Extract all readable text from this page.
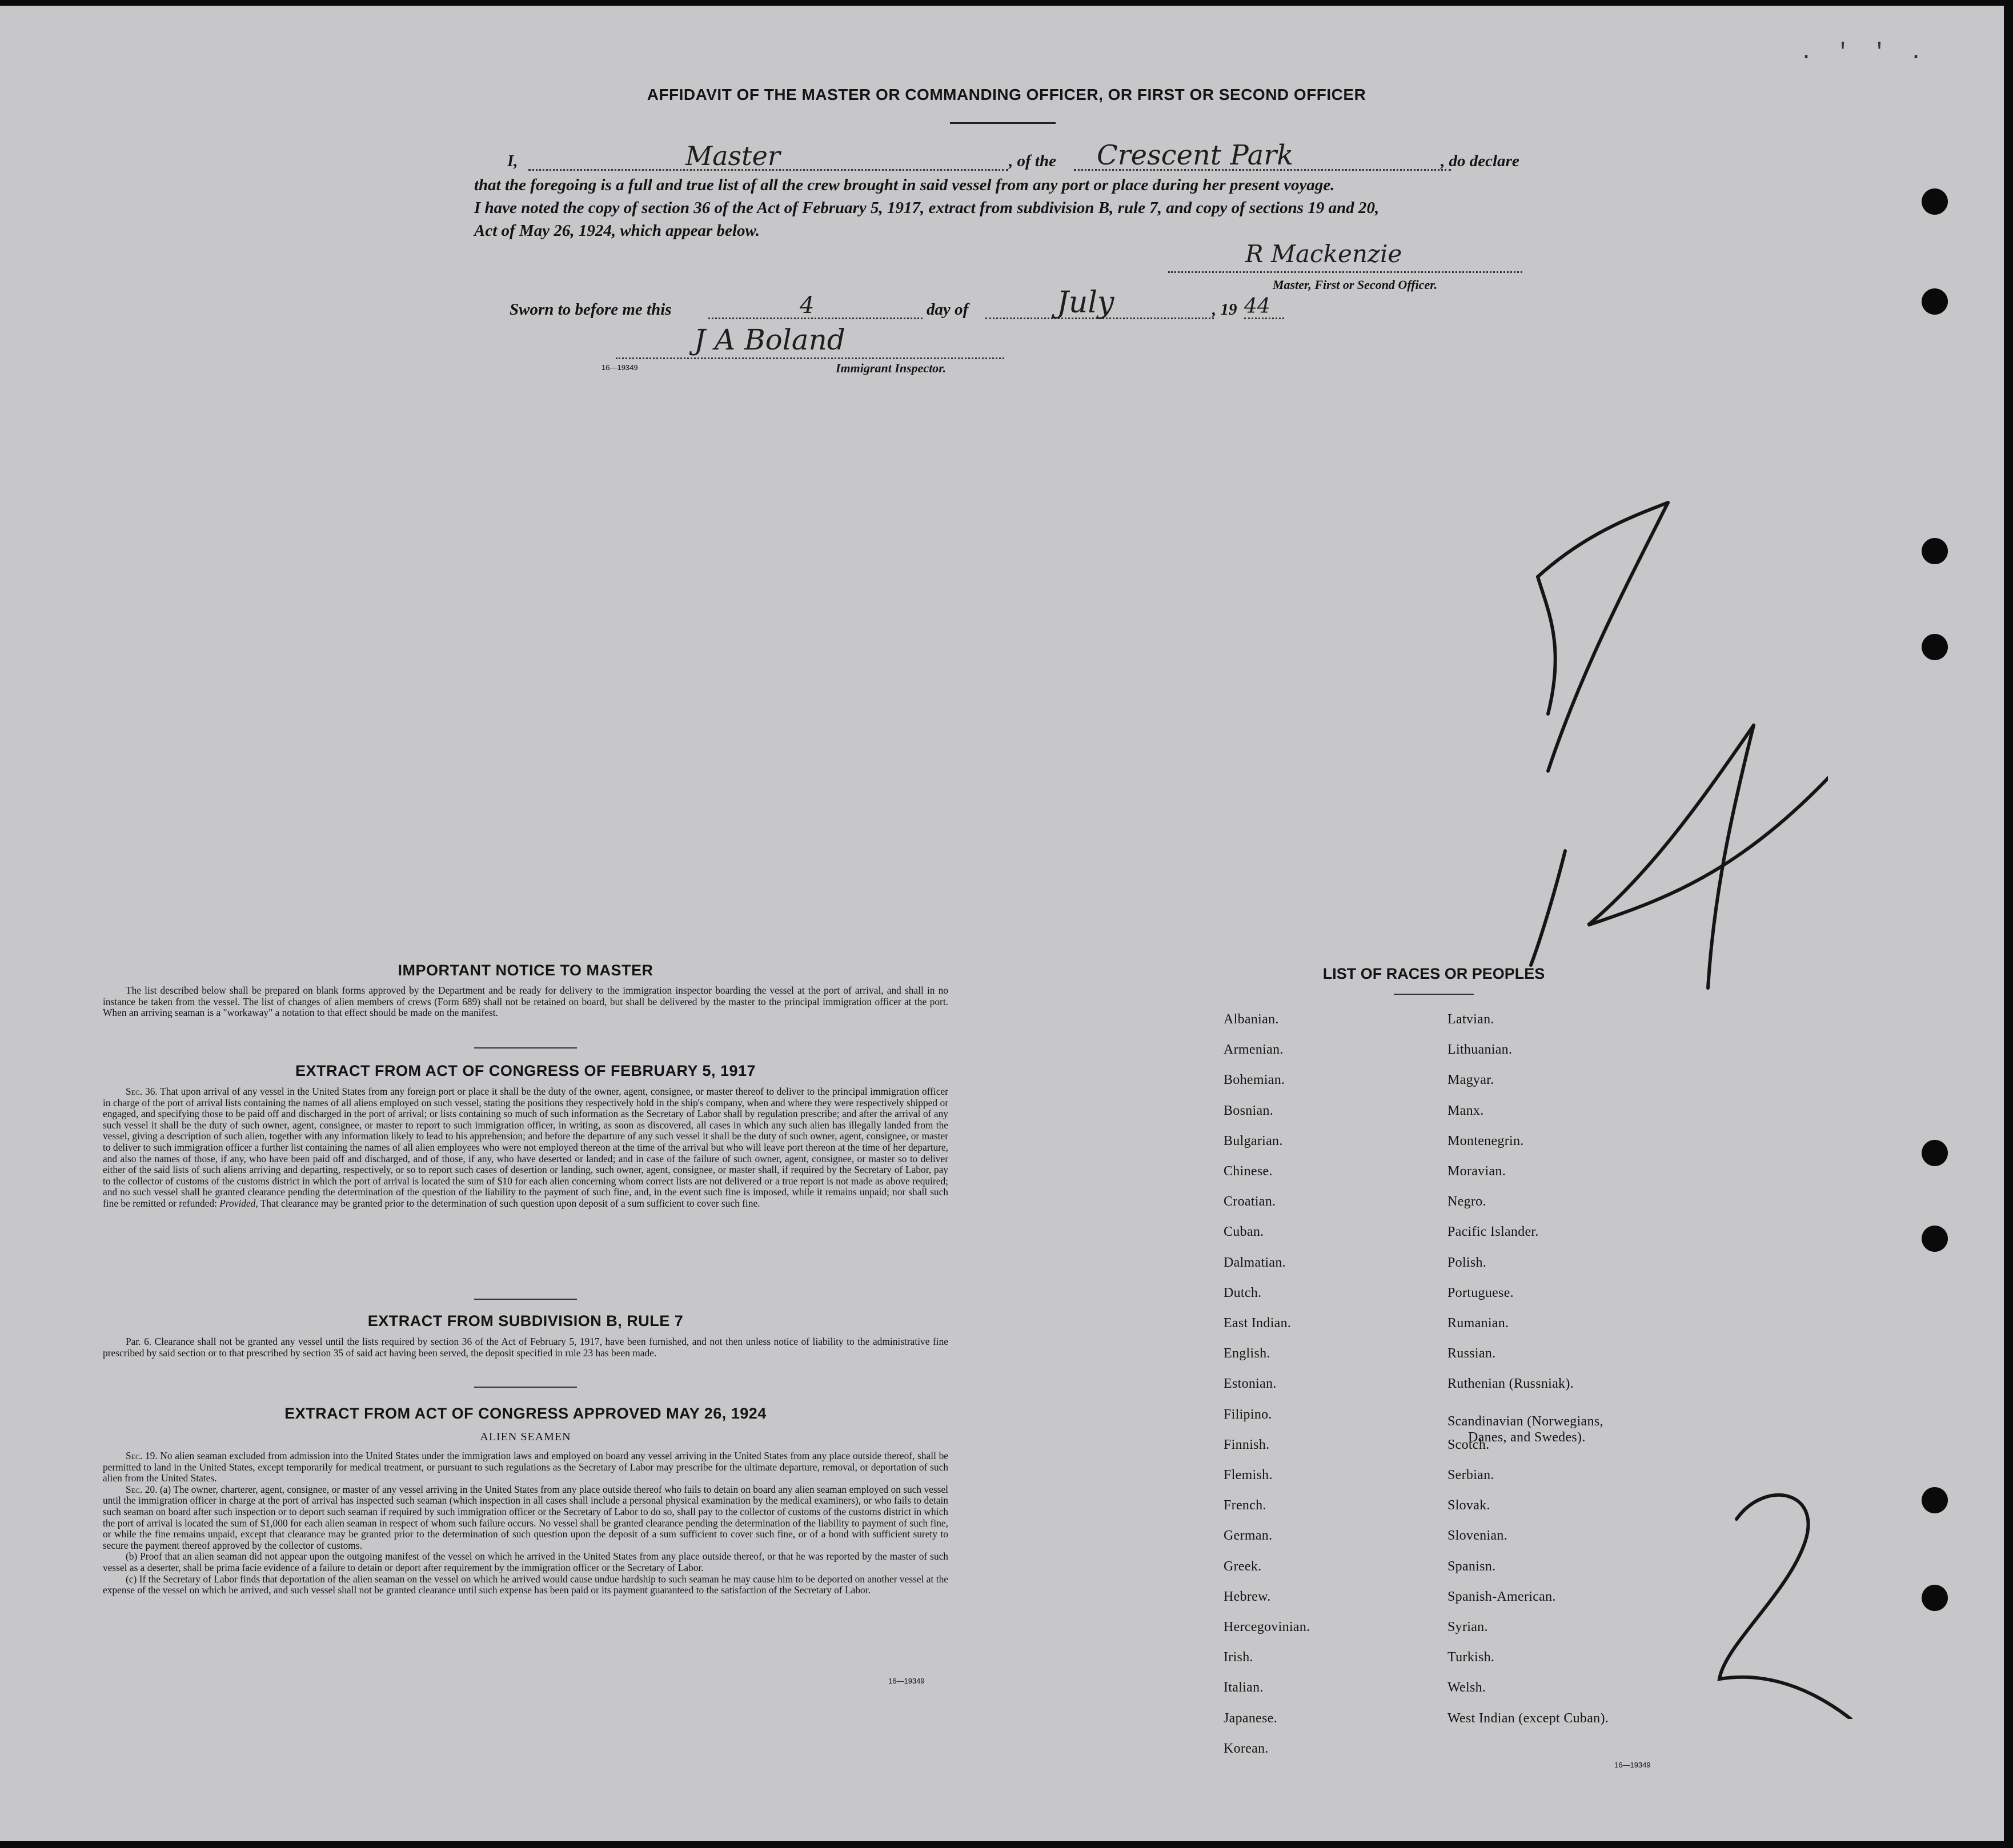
. ' ' .
AFFIDAVIT OF THE MASTER OR COMMANDING OFFICER, OR FIRST OR SECOND OFFICER
I,	Master	, of the Crescent Park	, do declare
that the foregoing is a full and true list of all the crew brought in said vessel from any port or place during her present voyage.
I have noted the copy of section 36 of the Act of February 5, 1917, extract from subdivision B, rule 7, and copy of sections 19 and 20,
Act of May 26, 1924, which appear below.
R Mackenzie
Master, First or Second Officer.
Sworn to before me this	4	day of	July	, 19 44
J A Boland
16—19349	Immigrant Inspector.
IMPORTANT NOTICE TO MASTER
The list described below shall be prepared on blank forms approved by the Department and be ready for delivery to the immigration inspector boarding the vessel at the port of arrival, and shall in no instance be taken from the vessel. The list of changes of alien members of crews (Form 689) shall not be retained on board, but shall be delivered by the master to the principal immigration officer at the port. When an arriving seaman is a "workaway" a notation to that effect should be made on the manifest.
EXTRACT FROM ACT OF CONGRESS OF FEBRUARY 5, 1917
Sec. 36. That upon arrival of any vessel in the United States from any foreign port or place it shall be the duty of the owner, agent, consignee, or master thereof to deliver to the principal immigration officer in charge of the port of arrival lists containing the names of all aliens employed on such vessel, stating the positions they respectively hold in the ship's company, when and where they were respectively shipped or engaged, and specifying those to be paid off and discharged in the port of arrival; or lists containing so much of such information as the Secretary of Labor shall by regulation prescribe; and after the arrival of any such vessel it shall be the duty of such owner, agent, consignee, or master to report to such immigration officer, in writing, as soon as discovered, all cases in which any such alien has illegally landed from the vessel, giving a description of such alien, together with any information likely to lead to his apprehension; and before the departure of any such vessel it shall be the duty of such owner, agent, consignee, or master to deliver to such immigration officer a further list containing the names of all alien employees who were not employed thereon at the time of the arrival but who will leave port thereon at the time of her departure, and also the names of those, if any, who have been paid off and discharged, and of those, if any, who have deserted or landed; and in case of the failure of such owner, agent, consignee, or master so to deliver either of the said lists of such aliens arriving and departing, respectively, or so to report such cases of desertion or landing, such owner, agent, consignee, or master shall, if required by the Secretary of Labor, pay to the collector of customs of the customs district in which the port of arrival is located the sum of $10 for each alien concerning whom correct lists are not delivered or a true report is not made as above required; and no such vessel shall be granted clearance pending the determination of the question of the liability to the payment of such fine, and, in the event such fine is imposed, while it remains unpaid; nor shall such fine be remitted or refunded: Provided, That clearance may be granted prior to the determination of such question upon deposit of a sum sufficient to cover such fine.
EXTRACT FROM SUBDIVISION B, RULE 7
Par. 6. Clearance shall not be granted any vessel until the lists required by section 36 of the Act of February 5, 1917, have been furnished, and not then unless notice of liability to the administrative fine prescribed by said section or to that prescribed by section 35 of said act having been served, the deposit specified in rule 23 has been made.
EXTRACT FROM ACT OF CONGRESS APPROVED MAY 26, 1924
ALIEN SEAMEN
Sec. 19. No alien seaman excluded from admission into the United States under the immigration laws and employed on board any vessel arriving in the United States from any place outside thereof, shall be permitted to land in the United States, except temporarily for medical treatment, or pursuant to such regulations as the Secretary of Labor may prescribe for the ultimate departure, removal, or deportation of such alien from the United States.
Sec. 20. (a) The owner, charterer, agent, consignee, or master of any vessel arriving in the United States from any place outside thereof who fails to detain on board any alien seaman employed on such vessel until the immigration officer in charge at the port of arrival has inspected such seaman (which inspection in all cases shall include a personal physical examination by the medical examiners), or who fails to detain such seaman on board after such inspection or to deport such seaman if required by such immigration officer or the Secretary of Labor to do so, shall pay to the collector of customs of the customs district in which the port of arrival is located the sum of $1,000 for each alien seaman in respect of whom such failure occurs. No vessel shall be granted clearance pending the determination of the liability to payment of such fine, or while the fine remains unpaid, except that clearance may be granted prior to the determination of such question upon the deposit of a sum sufficient to cover such fine, or of a bond with sufficient surety to secure the payment thereof approved by the collector of customs.
(b) Proof that an alien seaman did not appear upon the outgoing manifest of the vessel on which he arrived in the United States from any place outside thereof, or that he was reported by the master of such vessel as a deserter, shall be prima facie evidence of a failure to detain or deport after requirement by the immigration officer or the Secretary of Labor.
(c) If the Secretary of Labor finds that deportation of the alien seaman on the vessel on which he arrived would cause undue hardship to such seaman he may cause him to be deported on another vessel at the expense of the vessel on which he arrived, and such vessel shall not be granted clearance until such expense has been paid or its payment guaranteed to the satisfaction of the Secretary of Labor.
16—19349
LIST OF RACES OR PEOPLES
Albanian.
Armenian.
Bohemian.
Bosnian.
Bulgarian.
Chinese.
Croatian.
Cuban.
Dalmatian.
Dutch.
East Indian.
English.
Estonian.
Filipino.
Finnish.
Flemish.
French.
German.
Greek.
Hebrew.
Hercegovinian.
Irish.
Italian.
Japanese.
Korean.
Latvian.
Lithuanian.
Magyar.
Manx.
Montenegrin.
Moravian.
Negro.
Pacific Islander.
Polish.
Portuguese.
Rumanian.
Russian.
Ruthenian (Russniak).
Scandinavian (Norwegians,
Danes, and Swedes).
Scotch.
Serbian.
Slovak.
Slovenian.
Spanisn.
Spanish-American.
Syrian.
Turkish.
Welsh.
West Indian (except Cuban).
16—19349
